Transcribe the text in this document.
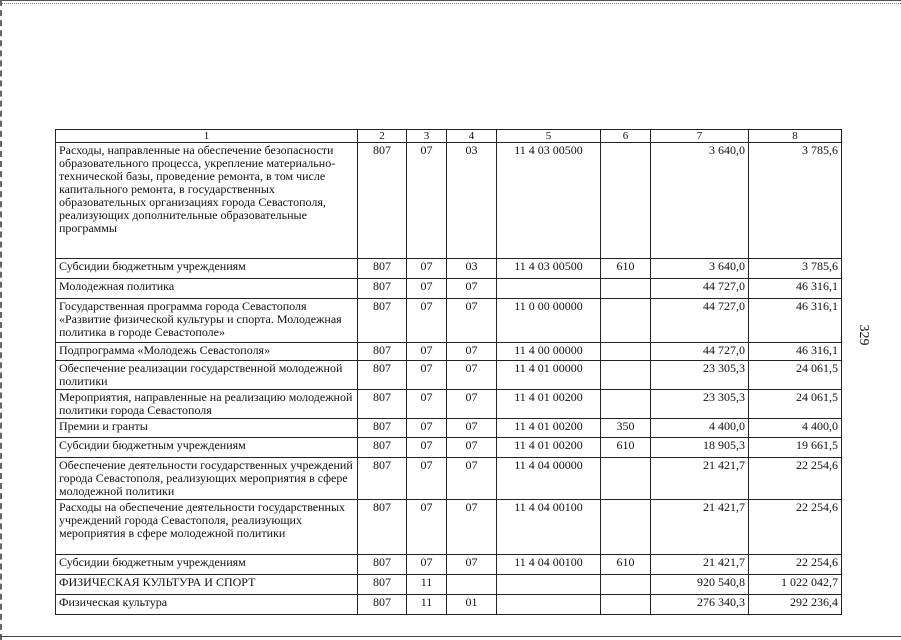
1	2	3	4	5	6	7	8
Расходы, направленные на обеспечение безопасности образовательного процесса, укрепление материально-технической базы, проведение ремонта, в том числе капитального ремонта, в государственных образовательных организациях города Севастополя, реализующих дополнительные образовательные программы	807	07	03	11 4 03 00500		3 640,0	3 785,6
Субсидии бюджетным учреждениям	807	07	03	11 4 03 00500	610	3 640,0	3 785,6
Молодежная политика	807	07	07			44 727,0	46 316,1
Государственная программа города Севастополя «Развитие физической культуры и спорта. Молодежная политика в городе Севастополе»	807	07	07	11 0 00 00000		44 727,0	46 316,1
Подпрограмма «Молодежь Севастополя»	807	07	07	11 4 00 00000		44 727,0	46 316,1
Обеспечение реализации государственной молодежной политики	807	07	07	11 4 01 00000		23 305,3	24 061,5
Мероприятия, направленные на реализацию молодежной политики города Севастополя	807	07	07	11 4 01 00200		23 305,3	24 061,5
Премии и гранты	807	07	07	11 4 01 00200	350	4 400,0	4 400,0
Субсидии бюджетным учреждениям	807	07	07	11 4 01 00200	610	18 905,3	19 661,5
Обеспечение деятельности государственных учреждений города Севастополя, реализующих мероприятия в сфере молодежной политики	807	07	07	11 4 04 00000		21 421,7	22 254,6
Расходы на обеспечение деятельности государственных учреждений города Севастополя, реализующих мероприятия в сфере молодежной политики	807	07	07	11 4 04 00100		21 421,7	22 254,6
Субсидии бюджетным учреждениям	807	07	07	11 4 04 00100	610	21 421,7	22 254,6
ФИЗИЧЕСКАЯ КУЛЬТУРА И СПОРТ	807	11				920 540,8	1 022 042,7
Физическая культура	807	11	01			276 340,3	292 236,4
329
